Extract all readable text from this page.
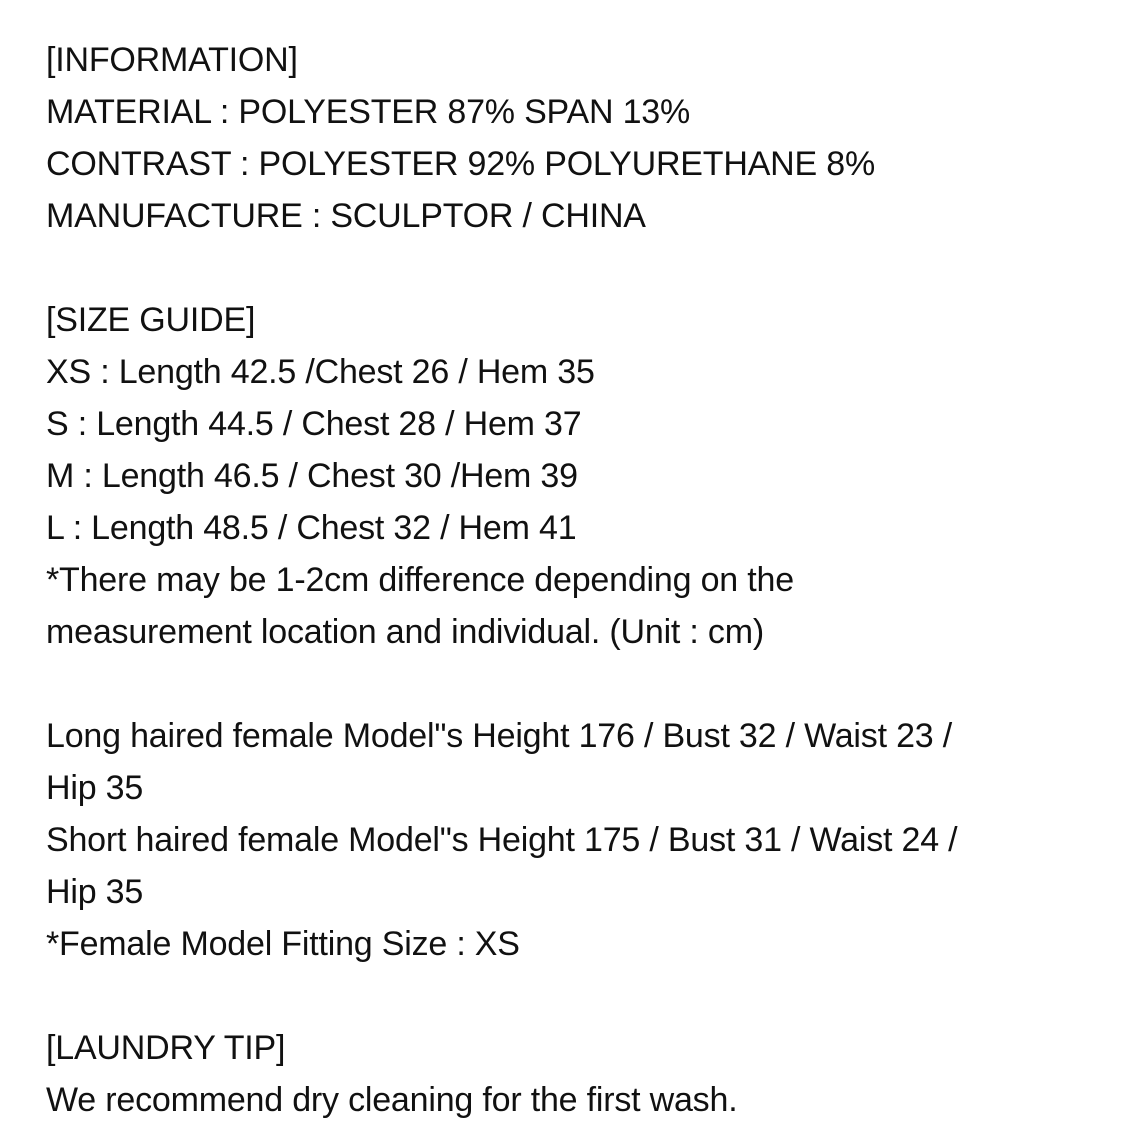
[INFORMATION]
MATERIAL : POLYESTER 87% SPAN 13%
CONTRAST : POLYESTER 92% POLYURETHANE 8%
MANUFACTURE : SCULPTOR / CHINA
[SIZE GUIDE]
XS : Length 42.5 /Chest 26 / Hem 35
S : Length 44.5 / Chest 28 / Hem 37
M : Length 46.5 / Chest 30 /Hem 39
L : Length 48.5 / Chest 32 / Hem 41
*There may be 1-2cm difference depending on the
measurement location and individual. (Unit : cm)
Long haired female Model"s Height 176 / Bust 32 / Waist 23 /
Hip 35
Short haired female Model"s Height 175 / Bust 31 / Waist 24 /
Hip 35
*Female Model Fitting Size : XS
[LAUNDRY TIP]
We recommend dry cleaning for the first wash.
